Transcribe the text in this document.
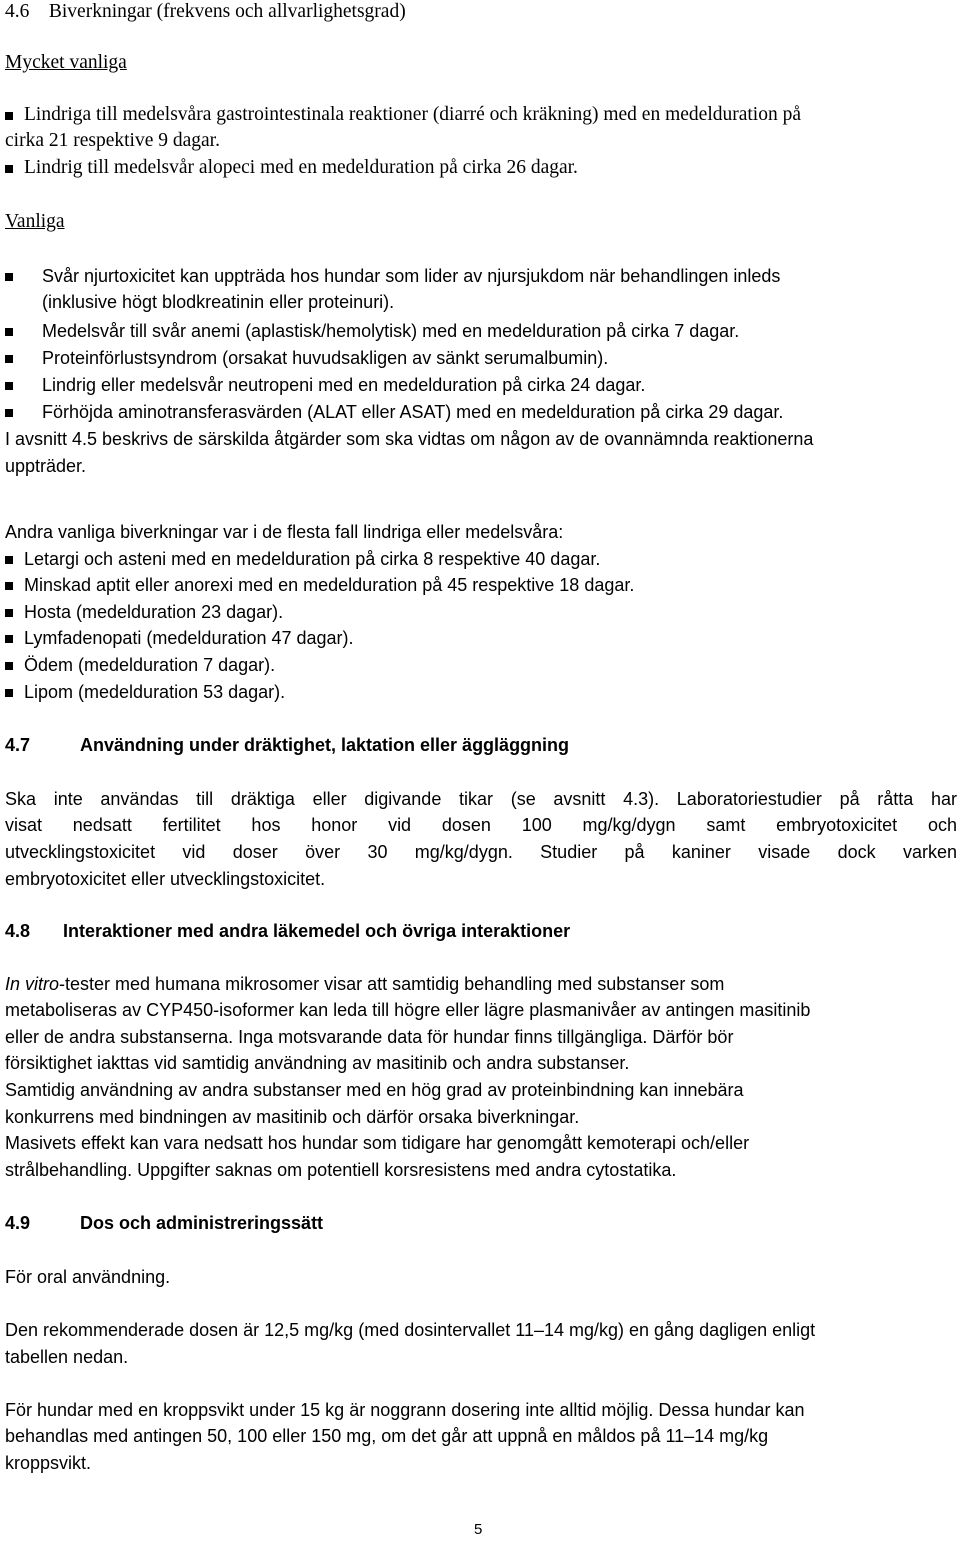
4.6 Biverkningar (frekvens och allvarlighetsgrad)
Mycket vanliga
Lindriga till medelsvåra gastrointestinala reaktioner (diarré och kräkning) med en medelduration på
cirka 21 respektive 9 dagar.
Lindrig till medelsvår alopeci med en medelduration på cirka 26 dagar.
Vanliga
Svår njurtoxicitet kan uppträda hos hundar som lider av njursjukdom när behandlingen inleds
(inklusive högt blodkreatinin eller proteinuri).
Medelsvår till svår anemi (aplastisk/hemolytisk) med en medelduration på cirka 7 dagar.
Proteinförlustsyndrom (orsakat huvudsakligen av sänkt serumalbumin).
Lindrig eller medelsvår neutropeni med en medelduration på cirka 24 dagar.
Förhöjda aminotransferasvärden (ALAT eller ASAT) med en medelduration på cirka 29 dagar.
I avsnitt 4.5 beskrivs de särskilda åtgärder som ska vidtas om någon av de ovannämnda reaktionerna
uppträder.
Andra vanliga biverkningar var i de flesta fall lindriga eller medelsvåra:
Letargi och asteni med en medelduration på cirka 8 respektive 40 dagar.
Minskad aptit eller anorexi med en medelduration på 45 respektive 18 dagar.
Hosta (medelduration 23 dagar).
Lymfadenopati (medelduration 47 dagar).
Ödem (medelduration 7 dagar).
Lipom (medelduration 53 dagar).
4.7	Användning under dräktighet, laktation eller äggläggning
Ska inte användas till dräktiga eller digivande tikar (se avsnitt 4.3). Laboratoriestudier på råtta har
visat nedsatt fertilitet hos honor vid dosen 100 mg/kg/dygn samt embryotoxicitet och
utvecklingstoxicitet vid doser över 30 mg/kg/dygn. Studier på kaniner visade dock varken
embryotoxicitet eller utvecklingstoxicitet.
4.8 Interaktioner med andra läkemedel och övriga interaktioner
In vitro-tester med humana mikrosomer visar att samtidig behandling med substanser som
metaboliseras av CYP450-isoformer kan leda till högre eller lägre plasmanivåer av antingen masitinib
eller de andra substanserna. Inga motsvarande data för hundar finns tillgängliga. Därför bör
försiktighet iakttas vid samtidig användning av masitinib och andra substanser.
Samtidig användning av andra substanser med en hög grad av proteinbindning kan innebära
konkurrens med bindningen av masitinib och därför orsaka biverkningar.
Masivets effekt kan vara nedsatt hos hundar som tidigare har genomgått kemoterapi och/eller
strålbehandling. Uppgifter saknas om potentiell korsresistens med andra cytostatika.
4.9	Dos och administreringssätt
För oral användning.
Den rekommenderade dosen är 12,5 mg/kg (med dosintervallet 11–14 mg/kg) en gång dagligen enligt
tabellen nedan.
För hundar med en kroppsvikt under 15 kg är noggrann dosering inte alltid möjlig. Dessa hundar kan
behandlas med antingen 50, 100 eller 150 mg, om det går att uppnå en måldos på 11–14 mg/kg
kroppsvikt.
5
